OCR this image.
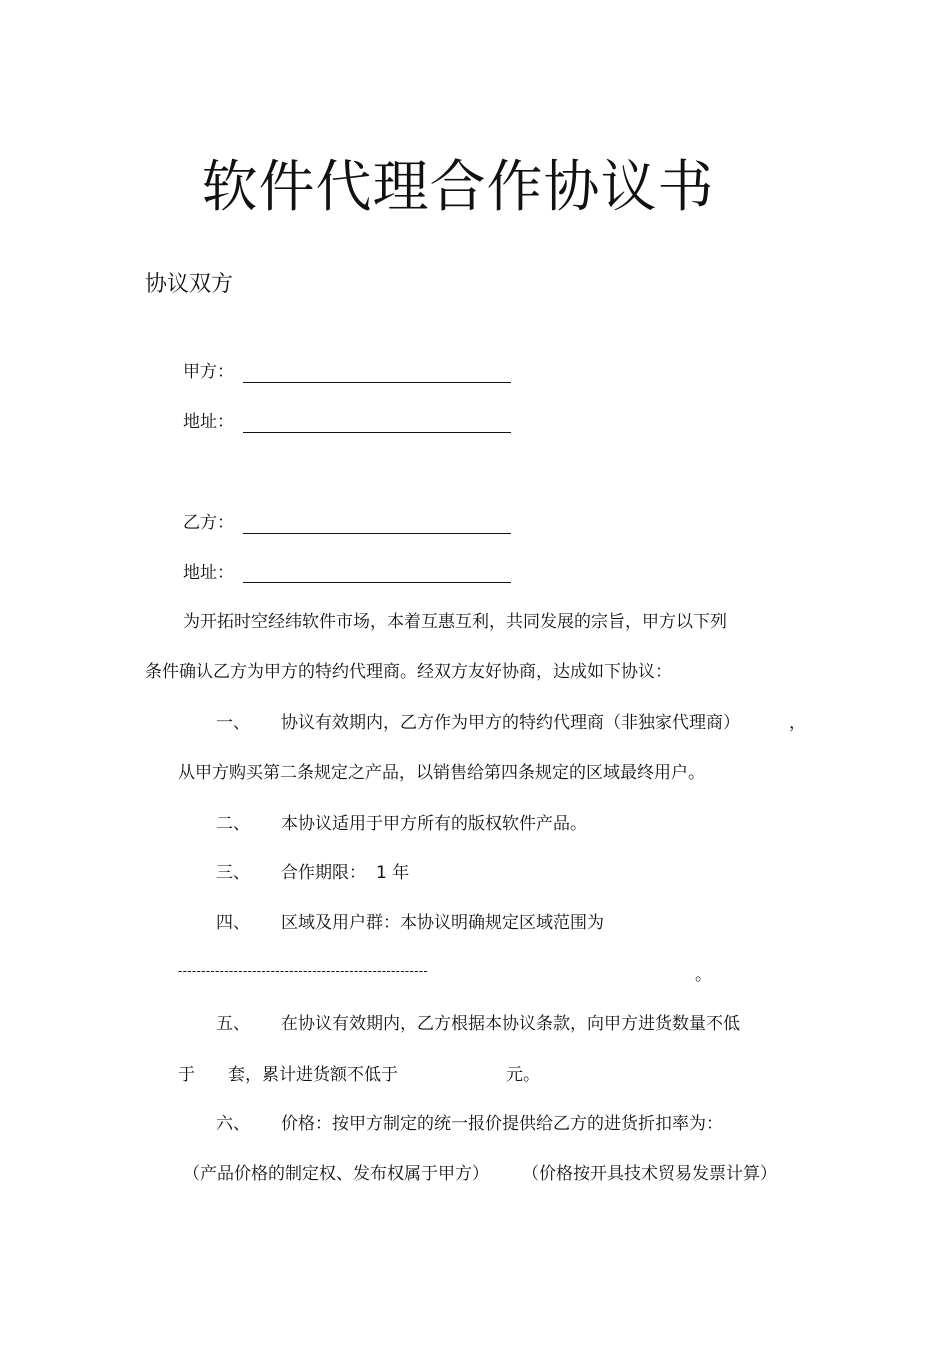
软件代理合作协议书
协议双方
甲方：
地址：
乙方：
地址：
为开拓时空经纬软件市场，本着互惠互利，共同发展的宗旨，甲方以下列
条件确认乙方为甲方的特约代理商。经双方友好协商，达成如下协议：
一、 协议有效期内，乙方作为甲方的特约代理商（非独家代理商）	，
从甲方购买第二条规定之产品，以销售给第四条规定的区域最终用户。
二、 本协议适用于甲方所有的版权软件产品。
三、 合作期限： 1 年
四、 区域及用户群：本协议明确规定区域范围为
------------------------------------------------------	。
五、 在协议有效期内，乙方根据本协议条款，向甲方进货数量不低
于 套，累计进货额不低于	元。
六、 价格：按甲方制定的统一报价提供给乙方的进货折扣率为：
（产品价格的制定权、发布权属于甲方） （价格按开具技术贸易发票计算）
